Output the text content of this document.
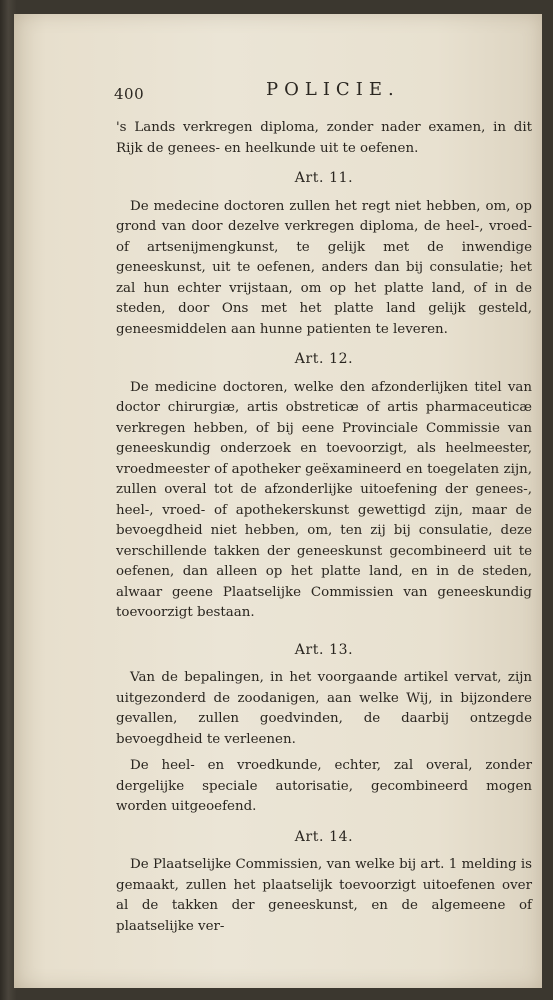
400	POLICIE.

's Lands verkregen diploma, zonder nader examen, in dit Rijk de genees- en heelkunde uit te oefenen.

Art. 11.

De medecine doctoren zullen het regt niet hebben, om, op grond van door dezelve verkregen diploma, de heel-, vroed- of artsenijmengkunst, te gelijk met de inwendige geneeskunst, uit te oefenen, anders dan bij consulatie; het zal hun echter vrijstaan, om op het platte land, of in de steden, door Ons met het platte land gelijk gesteld, geneesmiddelen aan hunne patienten te leveren.

Art. 12.

De medicine doctoren, welke den afzonderlijken titel van doctor chirurgiæ, artis obstreticæ of artis pharmaceuticæ verkregen hebben, of bij eene Provinciale Commissie van geneeskundig onderzoek en toevoorzigt, als heelmeester, vroedmeester of apotheker geëxamineerd en toegelaten zijn, zullen overal tot de afzonderlijke uitoefening der genees-, heel-, vroed- of apothekerskunst gewettigd zijn, maar de bevoegdheid niet hebben, om, ten zij bij consulatie, deze verschillende takken der geneeskunst gecombineerd uit te oefenen, dan alleen op het platte land, en in de steden, alwaar geene Plaatselijke Commissien van geneeskundig toevoorzigt bestaan.

Art. 13.

Van de bepalingen, in het voorgaande artikel vervat, zijn uitgezonderd de zoodanigen, aan welke Wij, in bijzondere gevallen, zullen goedvinden, de daarbij ontzegde bevoegdheid te verleenen.

De heel- en vroedkunde, echter, zal overal, zonder dergelijke speciale autorisatie, gecombineerd mogen worden uitgeoefend.

Art. 14.

De Plaatselijke Commissien, van welke bij art. 1 melding is gemaakt, zullen het plaatselijk toevoorzigt uitoefenen over al de takken der geneeskunst, en de algemeene of plaatselijke ver-
